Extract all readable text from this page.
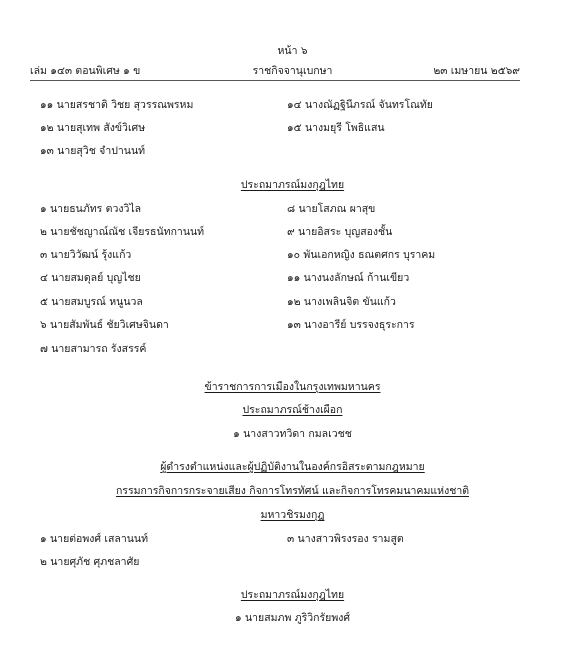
หน้า ๖
เล่ม ๑๔๓ ตอนพิเศษ ๑ ข	ราชกิจจานุเบกษา	๒๓ เมษายน ๒๕๖๙
๑๑ นายสรชาติ วิชย สุวรรณพรหม
๑๒ นายสุเทพ สังข์วิเศษ
๑๓ นายสุวิช จำปานนท์
๑๔ นางณัฏฐินีภรณ์ จันทรโณทัย
๑๕ นางมยุรี โพธิแสน
ประถมาภรณ์มงกุฎไทย
๑ นายธนภัทร ตวงวิไล
๒ นายชัชญาณ์ณัช เจียรธนัทกานนท์
๓ นายวิวัฒน์ รุ้งแก้ว
๔ นายสมดุลย์ บุญไชย
๕ นายสมบูรณ์ หนูนวล
๖ นายสัมพันธ์ ชัยวิเศษจินดา
๗ นายสามารถ รังสรรค์
๘ นายโสภณ ผาสุข
๙ นายอิสระ บุญสองชั้น
๑๐ พันเอกหญิง ธณตศกร บุราคม
๑๑ นางนงลักษณ์ ก้านเขียว
๑๒ นางเพลินจิต ขันแก้ว
๑๓ นางอารีย์ บรรจงธุระการ
ข้าราชการการเมืองในกรุงเทพมหานคร
ประถมาภรณ์ช้างเผือก
๑ นางสาวทวิดา กมลเวชช
ผู้ดำรงตำแหน่งและผู้ปฏิบัติงานในองค์กรอิสระตามกฎหมาย
กรรมการกิจการกระจายเสียง กิจการโทรทัศน์ และกิจการโทรคมนาคมแห่งชาติ
มหาวชิรมงกุฎ
๑ นายต่อพงศ์ เสลานนท์
๒ นายศุภัช ศุภชลาศัย
๓ นางสาวพิรงรอง รามสูต
ประถมาภรณ์มงกุฎไทย
๑ นายสมภพ ภูริวิกรัยพงศ์
